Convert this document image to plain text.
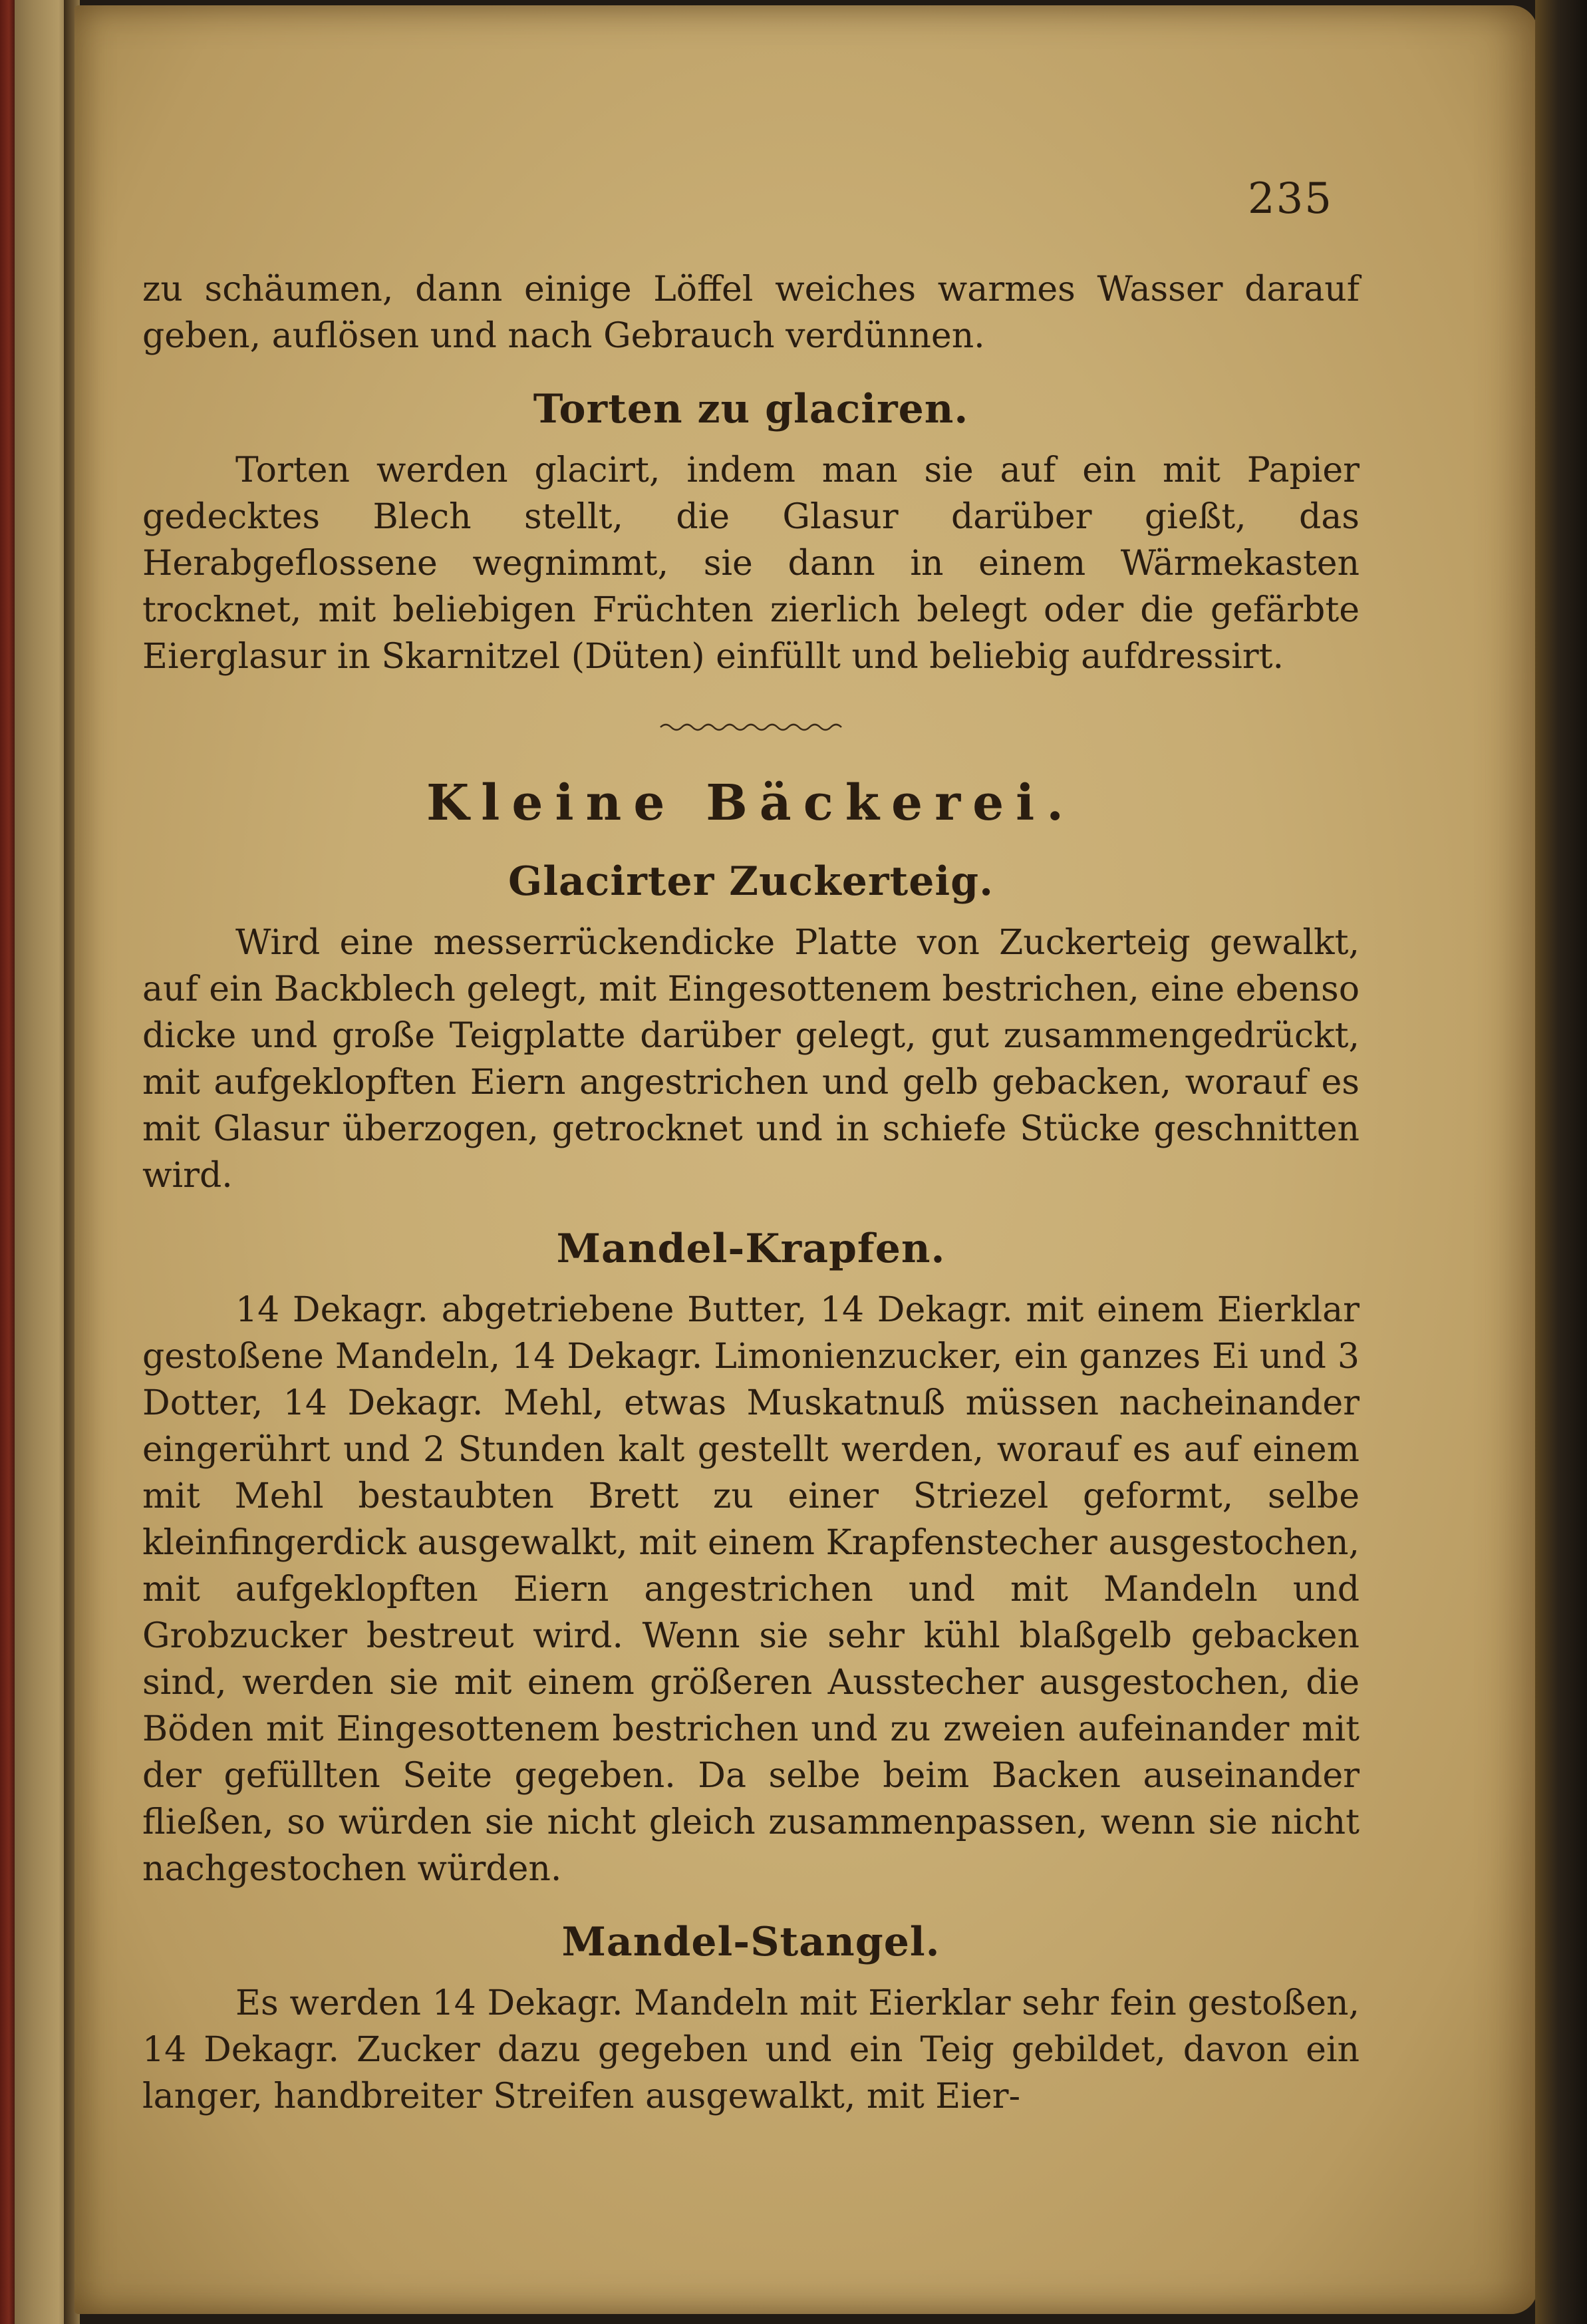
235

zu schäumen, dann einige Löffel weiches warmes Wasser darauf geben, auflösen und nach Gebrauch verdünnen.

Torten zu glaciren.

Torten werden glacirt, indem man sie auf ein mit Papier gedecktes Blech stellt, die Glasur darüber gießt, das Herabgeflossene wegnimmt, sie dann in einem Wärmekasten trocknet, mit beliebigen Früchten zierlich belegt oder die gefärbte Eierglasur in Skarnitzel (Düten) einfüllt und beliebig aufdressirt.

Kleine Bäckerei.
Glacirter Zuckerteig.

Wird eine messerrückendicke Platte von Zuckerteig gewalkt, auf ein Backblech gelegt, mit Eingesottenem bestrichen, eine ebenso dicke und große Teigplatte darüber gelegt, gut zusammengedrückt, mit aufgeklopften Eiern angestrichen und gelb gebacken, worauf es mit Glasur überzogen, getrocknet und in schiefe Stücke geschnitten wird.

Mandel-Krapfen.

14 Dekagr. abgetriebene Butter, 14 Dekagr. mit einem Eierklar gestoßene Mandeln, 14 Dekagr. Limonienzucker, ein ganzes Ei und 3 Dotter, 14 Dekagr. Mehl, etwas Muskatnuß müssen nacheinander eingerührt und 2 Stunden kalt gestellt werden, worauf es auf einem mit Mehl bestaubten Brett zu einer Striezel geformt, selbe kleinfingerdick ausgewalkt, mit einem Krapfenstecher ausgestochen, mit aufgeklopften Eiern angestrichen und mit Mandeln und Grobzucker bestreut wird. Wenn sie sehr kühl blaßgelb gebacken sind, werden sie mit einem größeren Ausstecher ausgestochen, die Böden mit Eingesottenem bestrichen und zu zweien aufeinander mit der gefüllten Seite gegeben. Da selbe beim Backen auseinander fließen, so würden sie nicht gleich zusammenpassen, wenn sie nicht nachgestochen würden.

Mandel-Stangel.

Es werden 14 Dekagr. Mandeln mit Eierklar sehr fein gestoßen, 14 Dekagr. Zucker dazu gegeben und ein Teig gebildet, davon ein langer, handbreiter Streifen ausgewalkt, mit Eier-
